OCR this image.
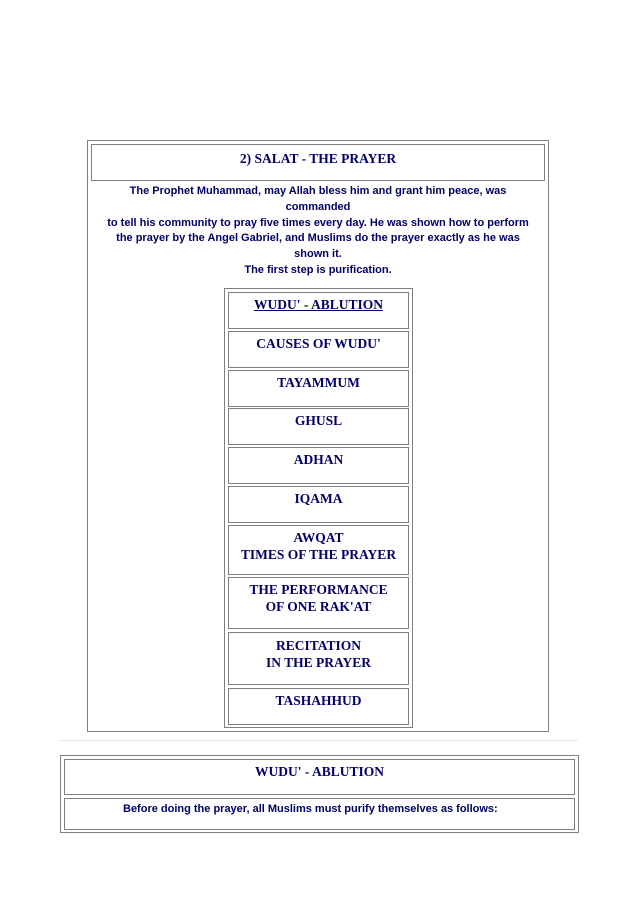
2) SALAT - THE PRAYER
The Prophet Muhammad, may Allah bless him and grant him peace, was
commanded
to tell his community to pray five times every day. He was shown how to perform
the prayer by the Angel Gabriel, and Muslims do the prayer exactly as he was
shown it.
The first step is purification.
WUDU' - ABLUTION
CAUSES OF WUDU'
TAYAMMUM
GHUSL
ADHAN
IQAMA
AWQAT
TIMES OF THE PRAYER
THE PERFORMANCE
OF ONE RAK'AT
RECITATION
IN THE PRAYER
TASHAHHUD
WUDU' - ABLUTION
Before doing the prayer, all Muslims must purify themselves as follows:
